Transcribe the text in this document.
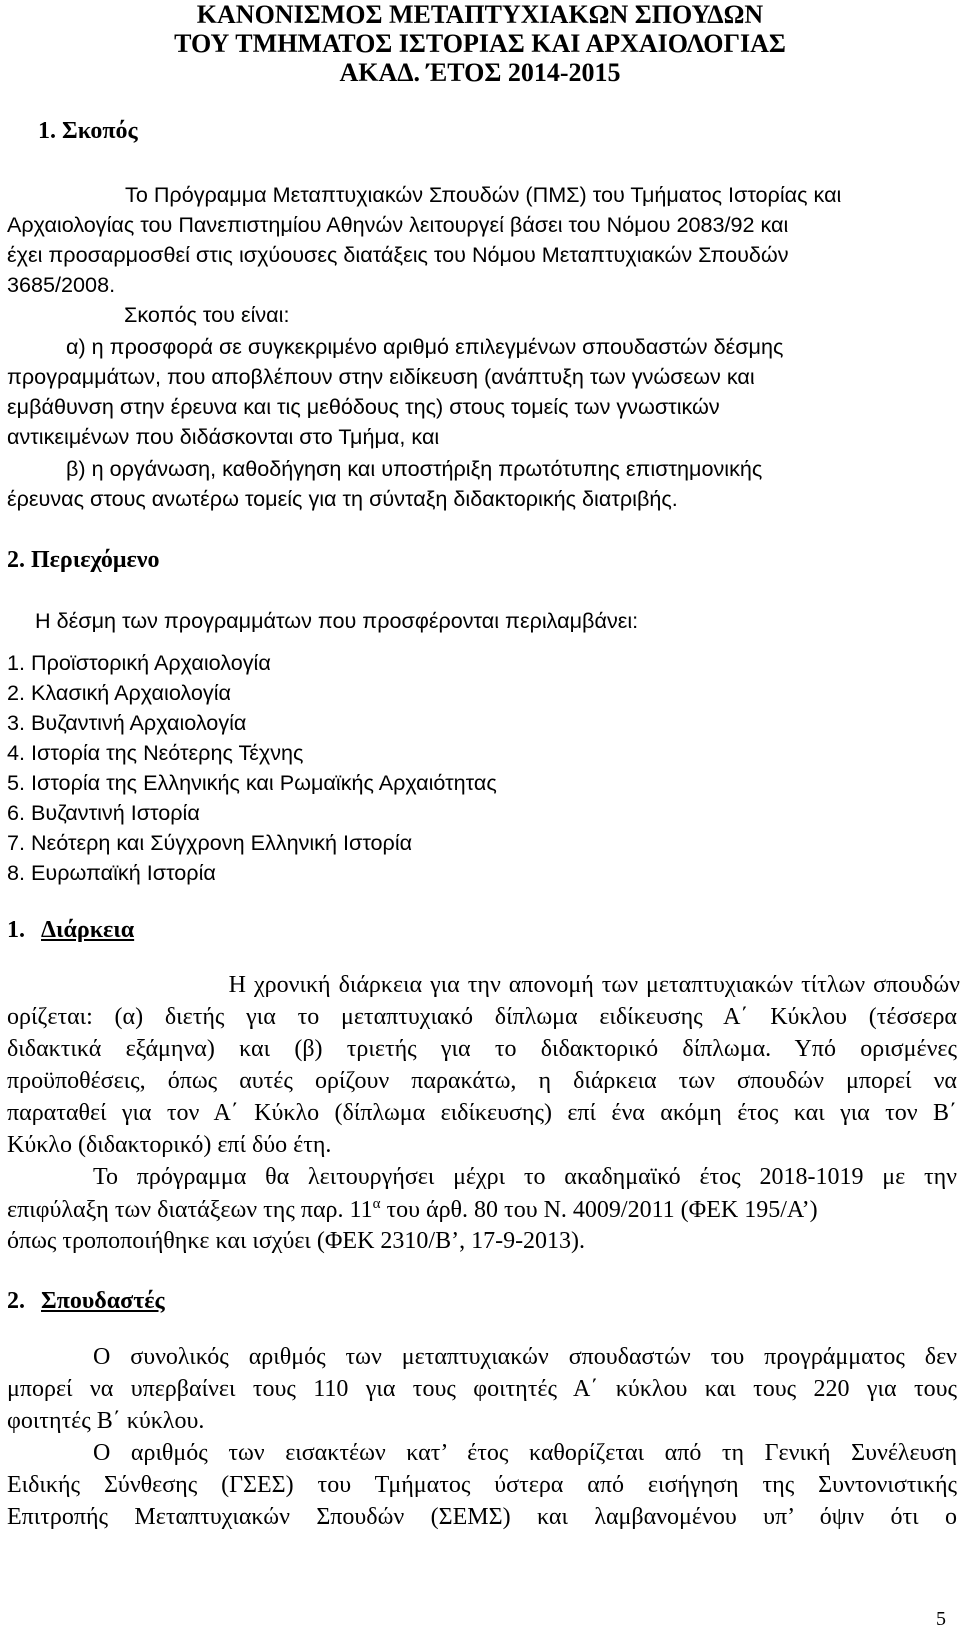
ΚΑΝΟΝΙΣΜΟΣ ΜΕΤΑΠΤΥΧΙΑΚΩΝ ΣΠΟΥΔΩΝ
ΤΟΥ ΤΜΗΜΑΤΟΣ ΙΣΤΟΡΙΑΣ ΚΑΙ ΑΡΧΑΙΟΛΟΓΙΑΣ
ΑΚΑΔ. ΈΤΟΣ 2014-2015
1. Σκοπός
Το Πρόγραμμα Μεταπτυχιακών Σπουδών (ΠΜΣ) του Τμήματος Ιστορίας και
Αρχαιολογίας του Πανεπιστημίου Αθηνών λειτουργεί βάσει του Νόμου 2083/92 και
έχει προσαρμοσθεί στις ισχύουσες διατάξεις του Νόμου Μεταπτυχιακών Σπουδών
3685/2008.
Σκοπός του είναι:
α) η προσφορά σε συγκεκριμένο αριθμό επιλεγμένων σπουδαστών δέσμης
προγραμμάτων, που αποβλέπουν στην ειδίκευση (ανάπτυξη των γνώσεων και
εμβάθυνση στην έρευνα και τις μεθόδους της) στους τομείς των γνωστικών
αντικειμένων που διδάσκονται στο Τμήμα, και
β) η οργάνωση, καθοδήγηση και υποστήριξη πρωτότυπης επιστημονικής
έρευνας στους ανωτέρω τομείς για τη σύνταξη διδακτορικής διατριβής.
2. Περιεχόμενο
Η δέσμη των προγραμμάτων που προσφέρονται περιλαμβάνει:
1. Προϊστορική Αρχαιολογία
2. Κλασική Αρχαιολογία
3. Βυζαντινή Αρχαιολογία
4. Ιστορία της Νεότερης Τέχνης
5. Ιστορία της Ελληνικής και Ρωμαϊκής Αρχαιότητας
6. Βυζαντινή Ιστορία
7. Νεότερη και Σύγχρονη Ελληνική Ιστορία
8. Ευρωπαϊκή Ιστορία
1. Διάρκεια
Η χρονική διάρκεια για την απονομή των μεταπτυχιακών τίτλων σπουδών
ορίζεται: (α) διετής για το μεταπτυχιακό δίπλωμα ειδίκευσης Α΄ Κύκλου (τέσσερα
διδακτικά εξάμηνα) και (β) τριετής για το διδακτορικό δίπλωμα. Υπό ορισμένες
προϋποθέσεις, όπως αυτές ορίζουν παρακάτω, η διάρκεια των σπουδών μπορεί να
παραταθεί για τον Α΄ Κύκλο (δίπλωμα ειδίκευσης) επί ένα ακόμη έτος και για τον Β΄
Κύκλο (διδακτορικό) επί δύο έτη.
Το πρόγραμμα θα λειτουργήσει μέχρι το ακαδημαϊκό έτος 2018-1019 με την
επιφύλαξη των διατάξεων της παρ. $11^\alpha$ του άρθ. 80 του Ν. 4009/2011 (ΦΕΚ 195/Α’)
όπως τροποποιήθηκε και ισχύει (ΦΕΚ 2310/Β’, 17-9-2013).
2. Σπουδαστές
Ο συνολικός αριθμός των μεταπτυχιακών σπουδαστών του προγράμματος δεν
μπορεί να υπερβαίνει τους 110 για τους φοιτητές Α΄ κύκλου και τους 220 για τους
φοιτητές Β΄ κύκλου.
Ο αριθμός των εισακτέων κατ’ έτος καθορίζεται από τη Γενική Συνέλευση
Ειδικής Σύνθεσης (ΓΣΕΣ) του Τμήματος ύστερα από εισήγηση της Συντονιστικής
Επιτροπής Μεταπτυχιακών Σπουδών (ΣΕΜΣ) και λαμβανομένου υπ’ όψιν ότι ο
5
